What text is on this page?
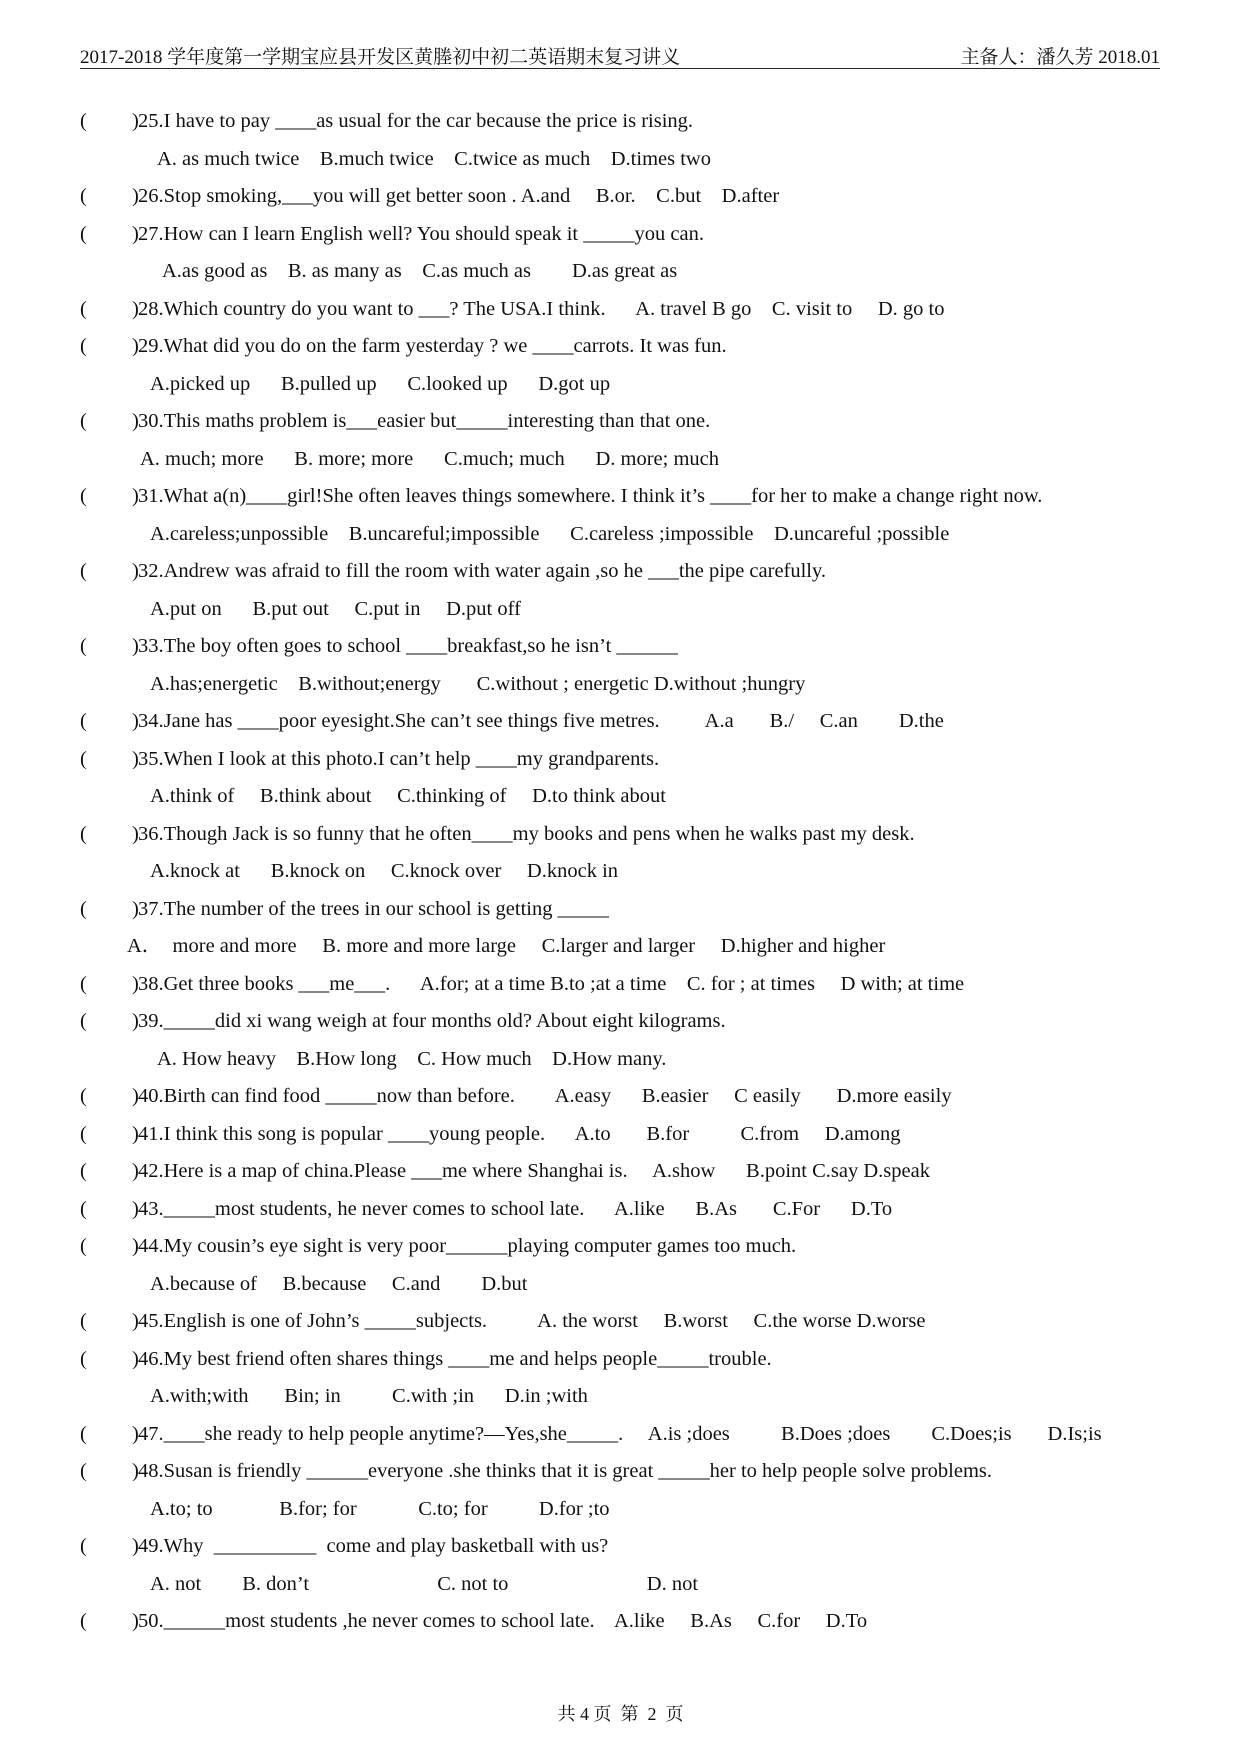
2017-2018 学年度第一学期宝应县开发区黄塍初中初二英语期末复习讲义	主备人：潘久芳 2018.01
( ) 25.I have to pay ____as usual for the car because the price is rising.
A. as much twice    B.much twice    C.twice as much    D.times two
( ) 26.Stop smoking,___you will get better soon . A.and     B.or.    C.but    D.after
( ) 27.How can I learn English well? You should speak it _____you can.
A.as good as    B. as many as    C.as much as        D.as great as
( ) 28.Which country do you want to ___? The USA.I think.      A. travel B go    C. visit to     D. go to
( ) 29.What did you do on the farm yesterday ? we ____carrots. It was fun.
A.picked up      B.pulled up      C.looked up      D.got up
( ) 30.This maths problem is___easier but_____interesting than that one.
A. much; more      B. more; more      C.much; much      D. more; much
( ) 31.What a(n)____girl!She often leaves things somewhere. I think it’s ____for her to make a change right now.
A.careless;unpossible    B.uncareful;impossible      C.careless ;impossible    D.uncareful ;possible
( ) 32.Andrew was afraid to fill the room with water again ,so he ___the pipe carefully.
A.put on      B.put out     C.put in     D.put off
( ) 33.The boy often goes to school ____breakfast,so he isn’t ______
A.has;energetic    B.without;energy       C.without ; energetic D.without ;hungry
( ) 34.Jane has ____poor eyesight.She can’t see things five metres.         A.a       B./     C.an        D.the
( ) 35.When I look at this photo.I can’t help ____my grandparents.
A.think of     B.think about     C.thinking of     D.to think about
( ) 36.Though Jack is so funny that he often____my books and pens when he walks past my desk.
A.knock at      B.knock on     C.knock over     D.knock in
( ) 37.The number of the trees in our school is getting _____
A．  more and more     B. more and more large     C.larger and larger     D.higher and higher
( ) 38.Get three books ___me___.      A.for; at a time B.to ;at a time    C. for ; at times     D with; at time
( ) 39._____did xi wang weigh at four months old? About eight kilograms.
A. How heavy    B.How long    C. How much    D.How many.
( ) 40.Birth can find food _____now than before.        A.easy      B.easier     C easily       D.more easily
( ) 41.I think this song is popular ____young people.      A.to       B.for          C.from     D.among
( ) 42.Here is a map of china.Please ___me where Shanghai is.     A.show      B.point C.say D.speak
( ) 43._____most students, he never comes to school late.      A.like      B.As       C.For      D.To
( ) 44.My cousin’s eye sight is very poor______playing computer games too much.
A.because of     B.because     C.and        D.but
( ) 45.English is one of John’s _____subjects.          A. the worst     B.worst     C.the worse D.worse
( ) 46.My best friend often shares things ____me and helps people_____trouble.
A.with;with       Bin; in          C.with ;in      D.in ;with
( ) 47.____she ready to help people anytime?—Yes,she_____.     A.is ;does          B.Does ;does        C.Does;is       D.Is;is
( ) 48.Susan is friendly ______everyone .she thinks that it is great _____her to help people solve problems.
A.to; to             B.for; for            C.to; for          D.for ;to
( ) 49.Why  __________  come and play basketball with us?
A. not        B. don’t                         C. not to                           D. not
( ) 50.______most students ,he never comes to school late.    A.like     B.As     C.for     D.To
共 4 页  第  2  页
